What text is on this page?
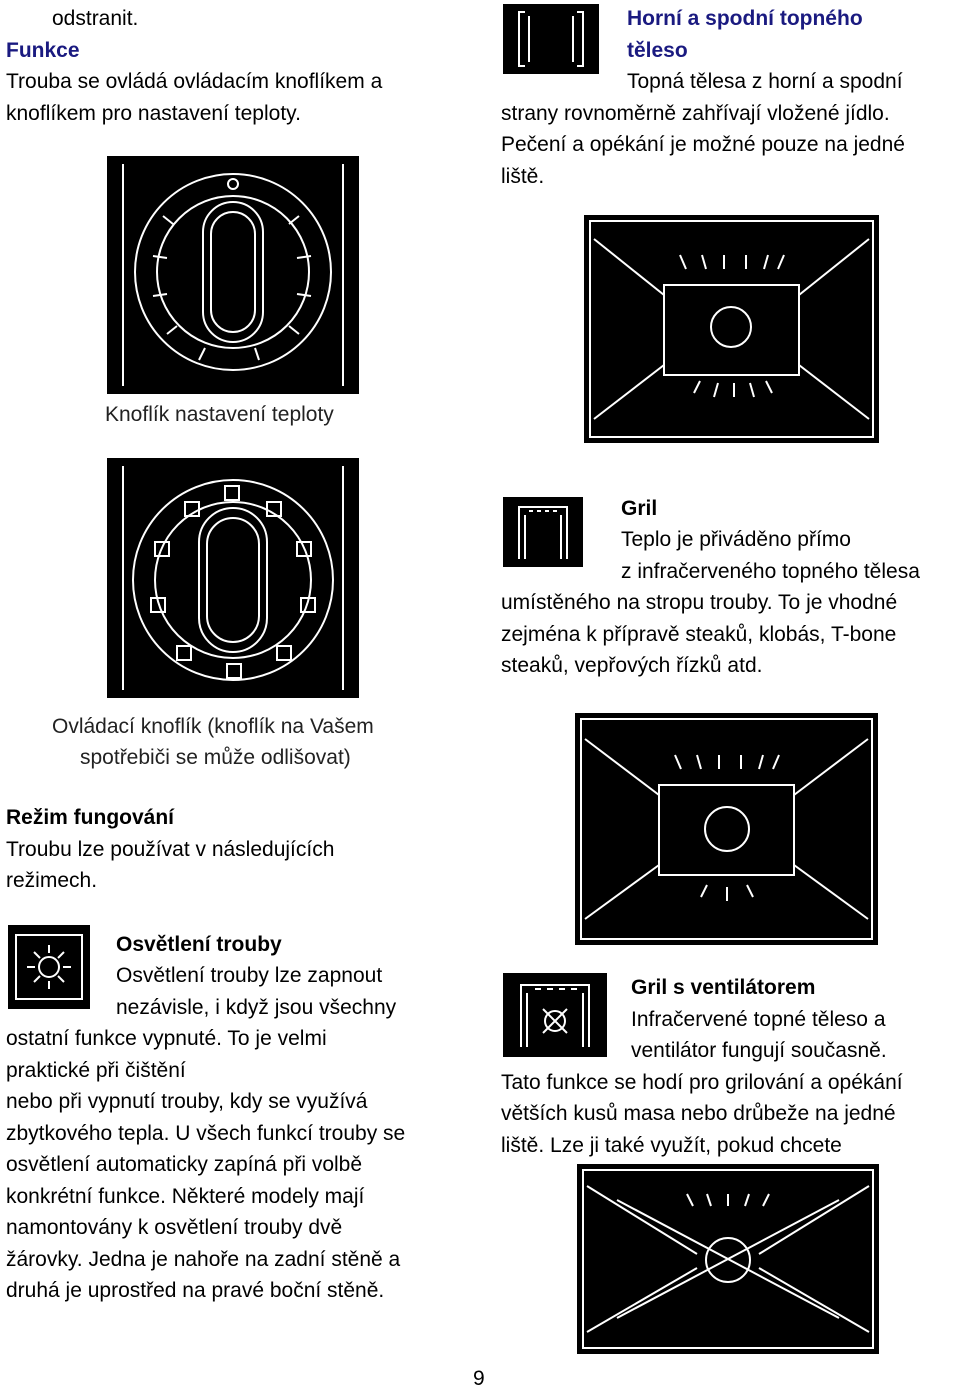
odstranit.
Funkce
Trouba se ovládá ovládacím knoflíkem a
knoflíkem pro nastavení teploty.
Knoflík nastavení teploty
Ovládací knoflík (knoflík na Vašem
spotřebiči se může odlišovat)
Režim fungování
Troubu lze používat v následujících
režimech.
Osvětlení trouby
Osvětlení trouby lze zapnout
nezávisle, i když jsou všechny
ostatní funkce vypnuté. To je velmi
praktické při čištění
nebo při vypnutí trouby, kdy se využívá
zbytkového tepla. U všech funkcí trouby se
osvětlení automaticky zapíná při volbě
konkrétní funkce. Některé modely mají
namontovány k osvětlení trouby dvě
žárovky. Jedna je nahoře na zadní stěně a
druhá je uprostřed na pravé boční stěně.
Horní a spodní topného
těleso
Topná tělesa z horní a spodní
strany rovnoměrně zahřívají vložené jídlo.
Pečení a opékání je možné pouze na jedné
liště.
Gril
Teplo je přiváděno přímo
z infračerveného topného tělesa
umístěného na stropu trouby. To je vhodné
zejména k přípravě steaků, klobás, T-bone
steaků, vepřových řízků atd.
Gril s ventilátorem
Infračervené topné těleso a
ventilátor fungují současně.
Tato funkce se hodí pro grilování a opékání
větších kusů masa nebo drůbeže na jedné
liště. Lze ji také využít, pokud chcete
9
